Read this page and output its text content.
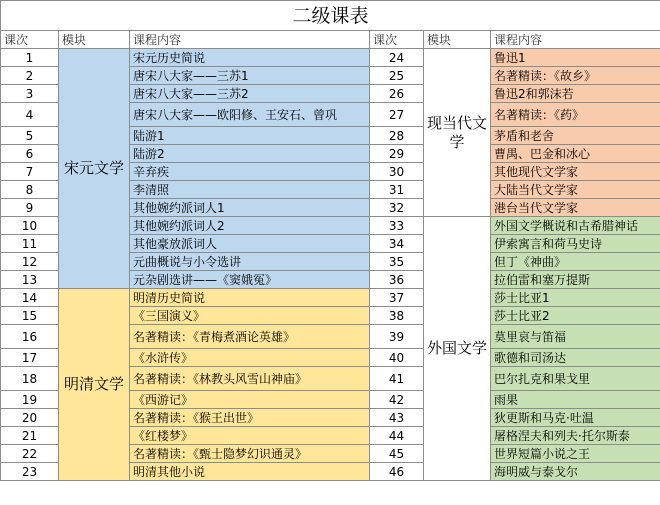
二级课表					
课次	模块	课程内容	课次	模块	课程内容
1	宋元文学	宋元历史简说	24	现当代文学	鲁迅1
2		唐宋八大家——三苏1	25		名著精读：《故乡》
3		唐宋八大家——三苏2	26		鲁迅2和郭沫若
4		唐宋八大家——欧阳修、王安石、曾巩	27		名著精读：《药》
5		陆游1	28		茅盾和老舍
6		陆游2	29		曹禺、巴金和冰心
7		辛弃疾	30		其他现代文学家
8		李清照	31		大陆当代文学家
9		其他婉约派词人1	32		港台当代文学家
10		其他婉约派词人2	33	外国文学	外国文学概说和古希腊神话
11		其他豪放派词人	34		伊索寓言和荷马史诗
12		元曲概说与小令选讲	35		但丁《神曲》
13		元杂剧选讲——《窦娥冤》	36		拉伯雷和塞万提斯
14	明清文学	明清历史简说	37		莎士比亚1
15		《三国演义》	38		莎士比亚2
16		名著精读：《青梅煮酒论英雄》	39		莫里哀与笛福
17		《水浒传》	40		歌德和司汤达
18		名著精读：《林教头风雪山神庙》	41		巴尔扎克和果戈里
19		《西游记》	42		雨果
20		名著精读：《猴王出世》	43		狄更斯和马克·吐温
21		《红楼梦》	44		屠格涅夫和列夫·托尔斯泰
22		名著精读：《甄士隐梦幻识通灵》	45		世界短篇小说之王
23		明清其他小说	46		海明威与泰戈尔
